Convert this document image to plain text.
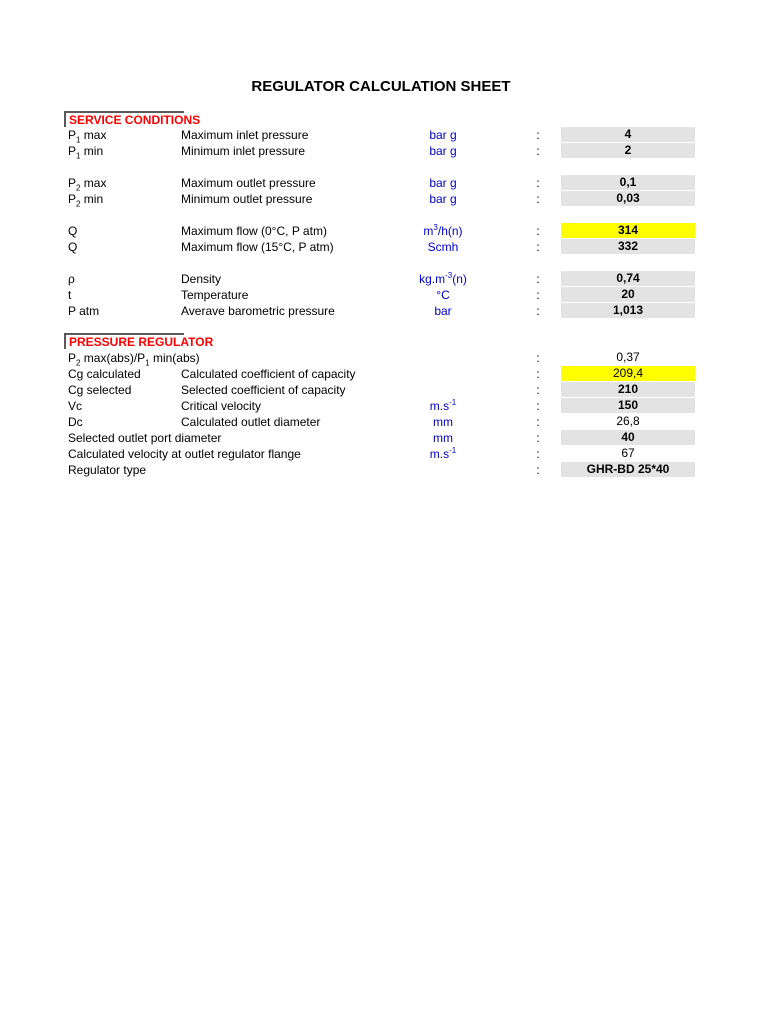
REGULATOR CALCULATION SHEET
SERVICE CONDITIONS
$P_1$ max	Maximum inlet pressure	bar g	:	4
$P_1$ min	Minimum inlet pressure	bar g	:	2
$P_2$ max	Maximum outlet pressure	bar g	:	0,1
$P_2$ min	Minimum outlet pressure	bar g	:	0,03
Q	Maximum flow (0°C, P atm)	$m^3/h(n)$	:	314
Q	Maximum flow (15°C, P atm)	Scmh	:	332
ρ	Density	$kg.m^{-3}(n)$	:	0,74
t	Temperature	°C	:	20
P atm	Averave barometric pressure	bar	:	1,013
PRESSURE REGULATOR
$P_2$ $\max(abs)/P_1$ min(abs)	:	0,37
Cg calculated	Calculated coefficient of capacity	:	209,4
Cg selected	Selected coefficient of capacity	:	210
Vc	Critical velocity	$m.s^{-1}$	:	150
Dc	Calculated outlet diameter	mm	:	26,8
Selected outlet port diameter	mm	:	40
Calculated velocity at outlet regulator flange	$m.s^{-1}$	:	67
Regulator type	:	GHR-BD 25*40
